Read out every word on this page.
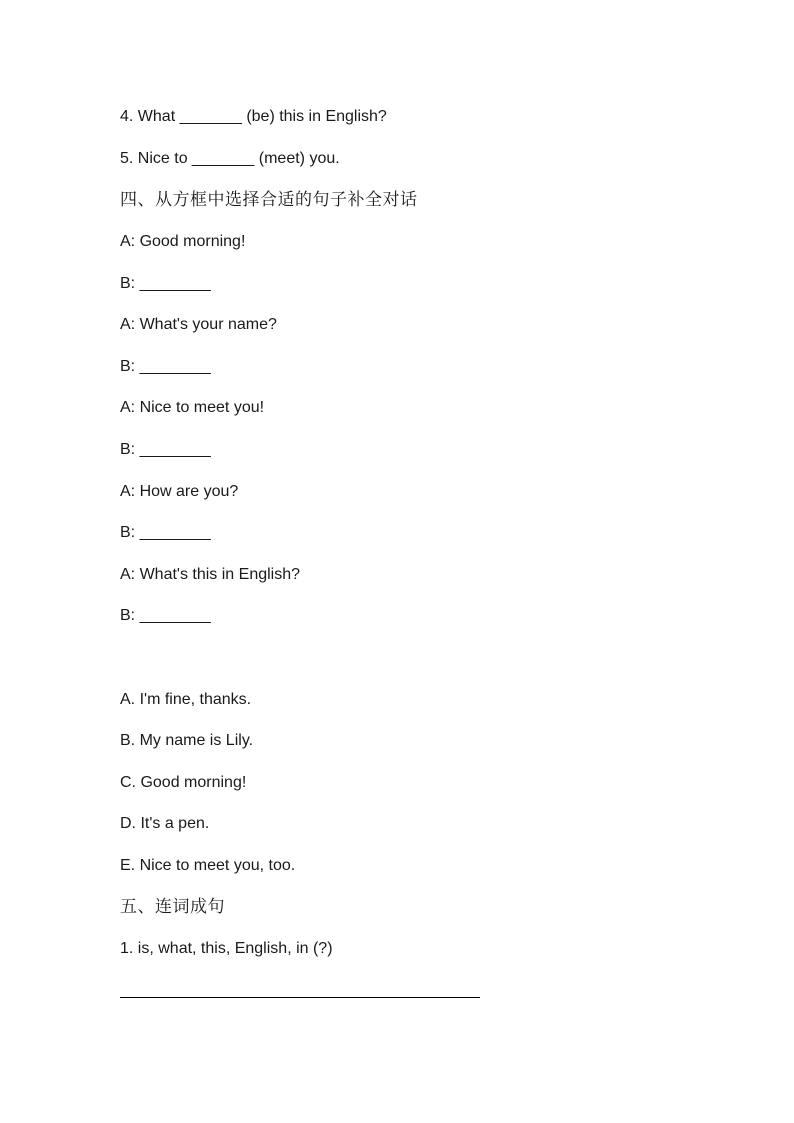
4. What _______ (be) this in English?
5. Nice to _______ (meet) you.
四、从方框中选择合适的句子补全对话
A: Good morning!
B: ________
A: What's your name?
B: ________
A: Nice to meet you!
B: ________
A: How are you?
B: ________
A: What's this in English?
B: ________
A. I'm fine, thanks.
B. My name is Lily.
C. Good morning!
D. It's a pen.
E. Nice to meet you, too.
五、连词成句
1. is, what, this, English, in (?)
